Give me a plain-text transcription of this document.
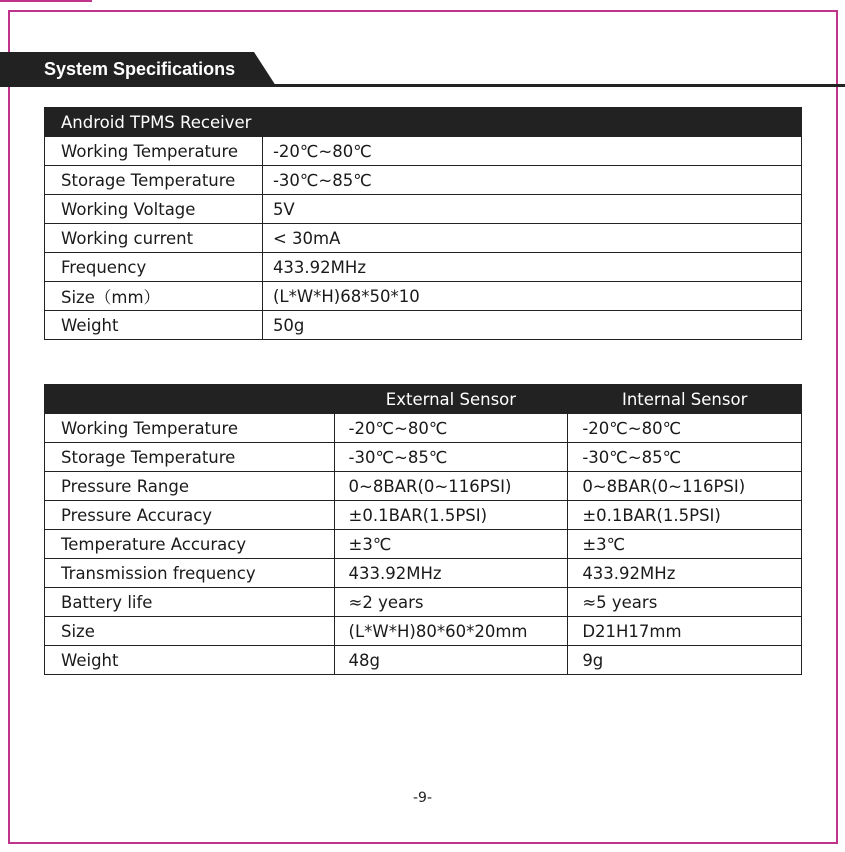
System Specifications
Android TPMS Receiver	
Working Temperature	-20℃~80℃
Storage Temperature	-30℃~85℃
Working Voltage	5V
Working current	< 30mA
Frequency	433.92MHz
Size（mm）	(L*W*H)68*50*10
Weight	50g
	External Sensor	Internal Sensor
Working Temperature	-20℃~80℃	-20℃~80℃
Storage Temperature	-30℃~85℃	-30℃~85℃
Pressure Range	0~8BAR(0~116PSI)	0~8BAR(0~116PSI)
Pressure Accuracy	±0.1BAR(1.5PSI)	±0.1BAR(1.5PSI)
Temperature Accuracy	±3℃	±3℃
Transmission frequency	433.92MHz	433.92MHz
Battery life	≈2 years	≈5 years
Size	(L*W*H)80*60*20mm	D21H17mm
Weight	48g	9g
-9-
